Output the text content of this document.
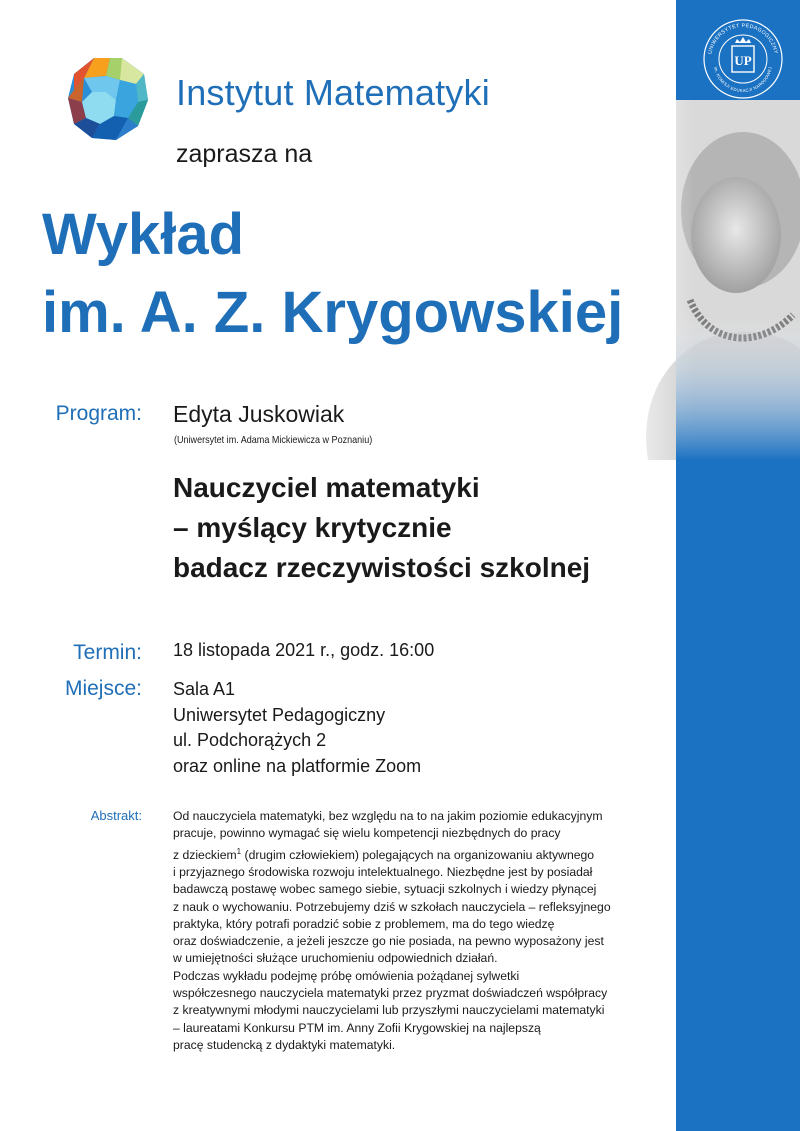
UNIWERSYTET PEDAGOGICZNY
im. KOMISJI EDUKACJI NARODOWEJ
UP
Instytut Matematyki
zaprasza na
Wykład
im. A. Z. Krygowskiej
Program: Edyta Juskowiak
(Uniwersytet im. Adama Mickiewicza w Poznaniu)
Nauczyciel matematyki
– myślący krytycznie
badacz rzeczywistości szkolnej
Termin: 18 listopada 2021 r., godz. 16:00
Miejsce: Sala A1
Uniwersytet Pedagogiczny
ul. Podchorążych 2
oraz online na platformie Zoom
Abstrakt:	Od nauczyciela matematyki, bez względu na to na jakim poziomie edukacyjnym
pracuje, powinno wymagać się wielu kompetencji niezbędnych do pracy
z dzieckiem$^1$ (drugim człowiekiem) polegających na organizowaniu aktywnego
i przyjaznego środowiska rozwoju intelektualnego. Niezbędne jest by posiadał
badawczą postawę wobec samego siebie, sytuacji szkolnych i wiedzy płynącej
z nauk o wychowaniu. Potrzebujemy dziś w szkołach nauczyciela – refleksyjnego
praktyka, który potrafi poradzić sobie z problemem, ma do tego wiedzę
oraz doświadczenie, a jeżeli jeszcze go nie posiada, na pewno wyposażony jest
w umiejętności służące uruchomieniu odpowiednich działań.
Podczas wykładu podejmę próbę omówienia pożądanej sylwetki
współczesnego nauczyciela matematyki przez pryzmat doświadczeń współpracy
z kreatywnymi młodymi nauczycielami lub przyszłymi nauczycielami matematyki
– laureatami Konkursu PTM im. Anny Zofii Krygowskiej na najlepszą
pracę studencką z dydaktyki matematyki.
